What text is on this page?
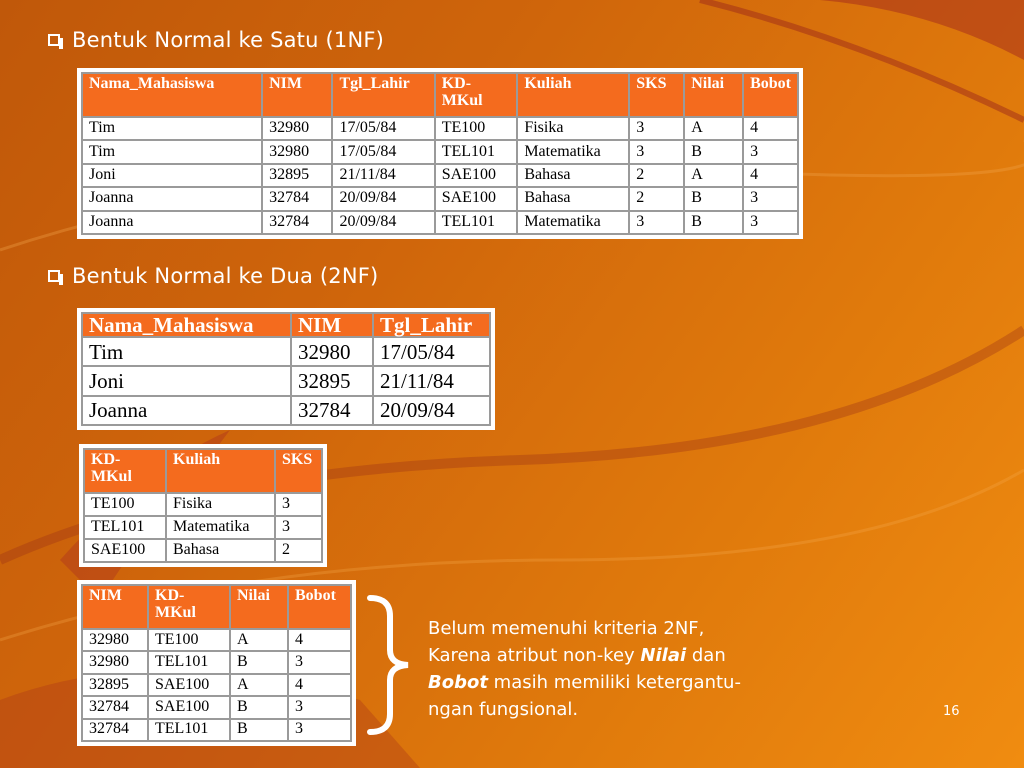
Bentuk Normal ke Satu (1NF)
Nama_Mahasiswa	NIM	Tgl_Lahir	KD-MKul	Kuliah	SKS	Nilai	Bobot
Tim	32980	17/05/84	TE100	Fisika	3	A	4
Tim	32980	17/05/84	TEL101	Matematika	3	B	3
Joni	32895	21/11/84	SAE100	Bahasa	2	A	4
Joanna	32784	20/09/84	SAE100	Bahasa	2	B	3
Joanna	32784	20/09/84	TEL101	Matematika	3	B	3
Bentuk Normal ke Dua (2NF)
Nama_Mahasiswa	NIM	Tgl_Lahir
Tim	32980	17/05/84
Joni	32895	21/11/84
Joanna	32784	20/09/84
KD-MKul	Kuliah	SKS
TE100	Fisika	3
TEL101	Matematika	3
SAE100	Bahasa	2
NIM	KD-MKul	Nilai	Bobot
32980	TE100	A	4
32980	TEL101	B	3
32895	SAE100	A	4
32784	SAE100	B	3
32784	TEL101	B	3
Belum memenuhi kriteria 2NF,
Karena atribut non-key Nilai dan
Bobot masih memiliki ketergantu-
ngan fungsional.	16
